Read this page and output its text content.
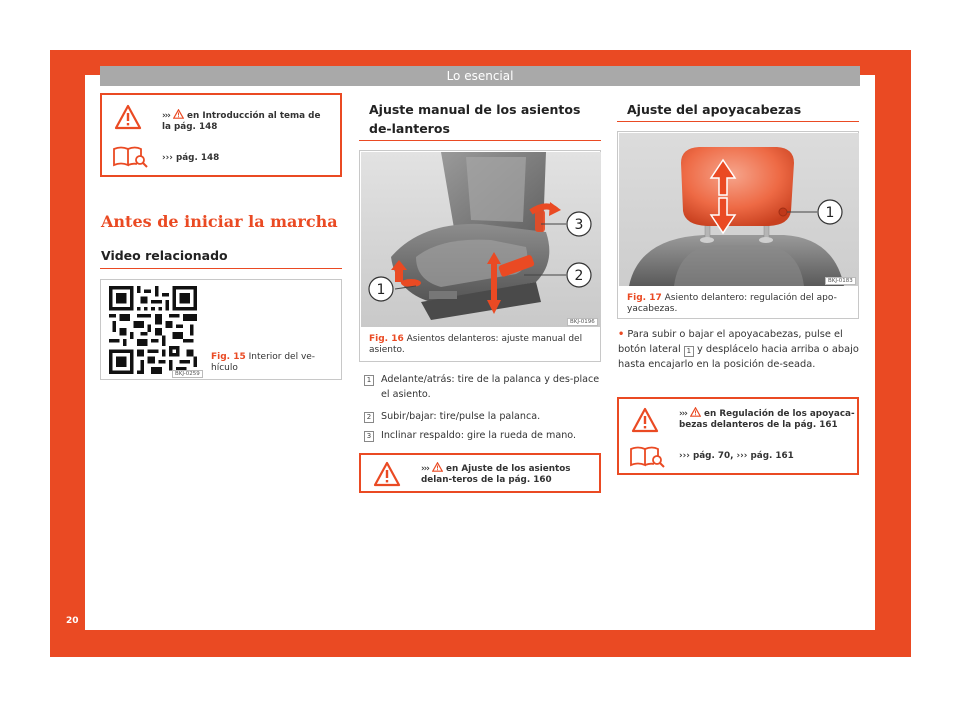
Lo esencial
››› en Introducción al tema de la pág. 148
››› pág. 148
Antes de iniciar la marcha
Video relacionado
BKJ-0259
Fig. 15 Interior del ve-hículo
Ajuste manual de los asientos de-lanteros
3
2
1
BKJ-0196
Fig. 16 Asientos delanteros: ajuste manual del asiento.
1 Adelante/atrás: tire de la palanca y des-place el asiento.
2 Subir/bajar: tire/pulse la palanca.
3 Inclinar respaldo: gire la rueda de mano.
››› en Ajuste de los asientos delan-teros de la pág. 160
Ajuste del apoyacabezas
1
BKJ-0183
Fig. 17 Asiento delantero: regulación del apo-yacabezas.
• Para subir o bajar el apoyacabezas, pulse el botón lateral 1 y desplácelo hacia arriba o abajo hasta encajarlo en la posición de-seada.
››› en Regulación de los apoyaca-bezas delanteros de la pág. 161
››› pág. 70, ››› pág. 161
20
